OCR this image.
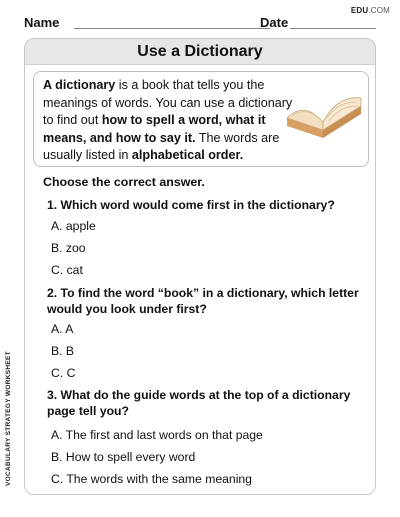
EDU.COM
Name	Date
Use a Dictionary
A dictionary is a book that tells you the meanings of words. You can use a dictionary to find out how to spell a word, what it means, and how to say it. The words are usually listed in alphabetical order.
Choose the correct answer.
1. Which word would come first in the dictionary?
A. apple
B. zoo
C. cat
2. To find the word “book” in a dictionary, which letter would you look under first?
A. A
B. B
C. C
3. What do the guide words at the top of a dictionary page tell you?
A. The first and last words on that page
B. How to spell every word
C. The words with the same meaning
VOCABULARY STRATEGY WORKSHEET
